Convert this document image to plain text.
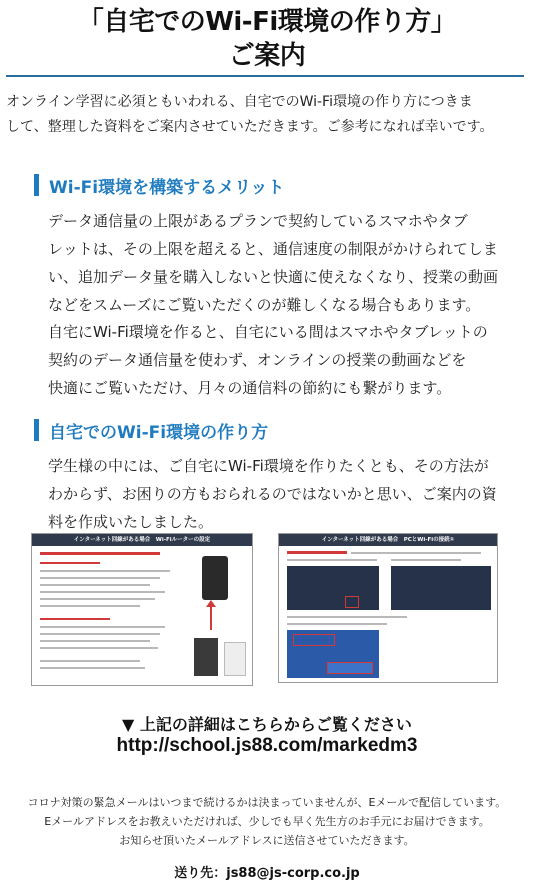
「自宅でのWi-Fi環境の作り方」
ご案内

オンライン学習に必須ともいわれる、自宅でのWi-Fi環境の作り方につきま

して、整理した資料をご案内させていただきます。ご参考になれば幸いです。

Wi-Fi環境を構築するメリット

データ通信量の上限があるプランで契約しているスマホやタブ

レットは、その上限を超えると、通信速度の制限がかけられてしま

い、追加データ量を購入しないと快適に使えなくなり、授業の動画

などをスムーズにご覧いただくのが難しくなる場合もあります。

自宅にWi-Fi環境を作ると、自宅にいる間はスマホやタブレットの

契約のデータ通信量を使わず、オンラインの授業の動画などを

快適にご覧いただけ、月々の通信料の節約にも繋がります。

自宅でのWi-Fi環境の作り方

学生様の中には、ご自宅にWi-Fi環境を作りたくとも、その方法が

わからず、お困りの方もおられるのではないかと思い、ご案内の資

料を作成いたしました。

インターネット回線がある場合　Wi-Fiルーターの設定	インターネット回線がある場合　PCとWi-Fiの接続①
▼ 上記の詳細はこちらからご覧ください
http://school.js88.com/markedm3
コロナ対策の緊急メールはいつまで続けるかは決まっていませんが、Eメールで配信しています。
Eメールアドレスをお教えいただければ、少しでも早く先生方のお手元にお届けできます。
お知らせ頂いたメールアドレスに送信させていただきます。
送り先：js88@js-corp.co.jp
